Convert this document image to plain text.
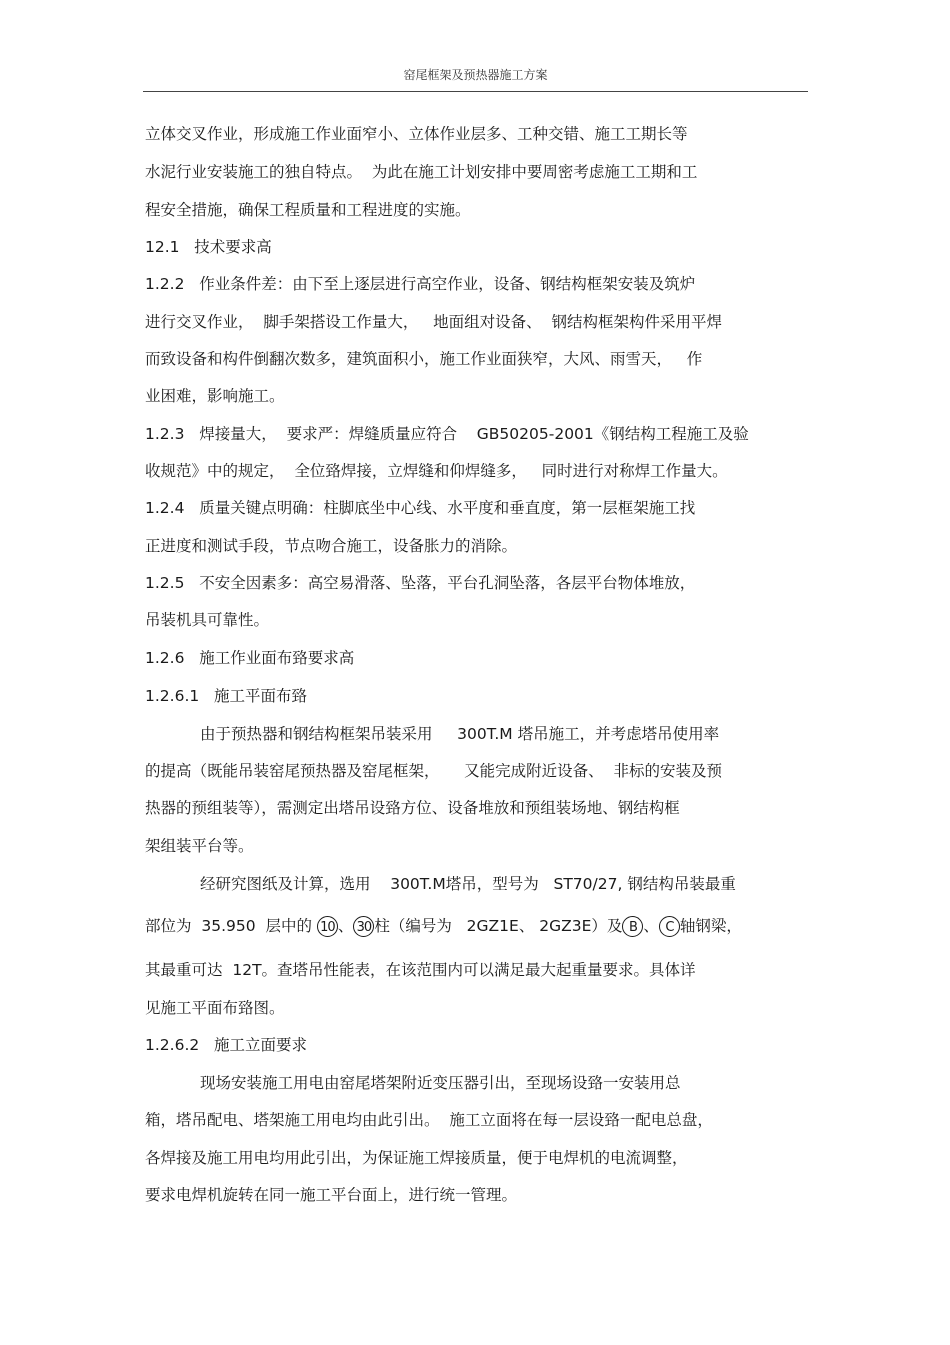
窑尾框架及预热器施工方案

立体交叉作业，形成施工作业面窄小、立体作业层多、工种交错、施工工期长等

水泥行业安装施工的独自特点。  为此在施工计划安排中要周密考虑施工工期和工

程安全措施，确保工程质量和工程进度的实施。

12.1   技术要求高

1.2.2   作业条件差：由下至上逐层进行高空作业，设备、钢结构框架安装及筑炉

进行交叉作业，  脚手架搭设工作量大，   地面组对设备、  钢结构框架构件采用平焊

而致设备和构件倒翻次数多，建筑面积小，施工作业面狭窄，大风、雨雪天，   作

业困难，影响施工。

1.2.3   焊接量大，  要求严：焊缝质量应符合    GB50205-2001《钢结构工程施工及验

收规范》中的规定，  全位臵焊接，立焊缝和仰焊缝多，   同时进行对称焊工作量大。

1.2.4   质量关键点明确：柱脚底坐中心线、水平度和垂直度，第一层框架施工找

正进度和测试手段，节点吻合施工，设备胀力的消除。

1.2.5   不安全因素多：高空易滑落、坠落，平台孔洞坠落，各层平台物体堆放，

吊装机具可靠性。

1.2.6   施工作业面布臵要求高

1.2.6.1   施工平面布臵

由于预热器和钢结构框架吊装采用     300T.M 塔吊施工，并考虑塔吊使用率

的提高（既能吊装窑尾预热器及窑尾框架，     又能完成附近设备、  非标的安装及预

热器的预组装等），需测定出塔吊设臵方位、设备堆放和预组装场地、钢结构框

架组装平台等。

经研究图纸及计算，选用    300T.M塔吊，型号为   ST70/27, 钢结构吊装最重

部位为  35.950  层中的 10 、 30 柱（编号为   2GZ1E、 2GZ3E）及 B 、 C 轴钢梁，

其最重可达  12T。查塔吊性能表，在该范围内可以满足最大起重量要求。具体详

见施工平面布臵图。

1.2.6.2   施工立面要求

现场安装施工用电由窑尾塔架附近变压器引出，至现场设臵一安装用总

箱，塔吊配电、塔架施工用电均由此引出。  施工立面将在每一层设臵一配电总盘，

各焊接及施工用电均用此引出，为保证施工焊接质量，便于电焊机的电流调整，

要求电焊机旋转在同一施工平台面上，进行统一管理。
